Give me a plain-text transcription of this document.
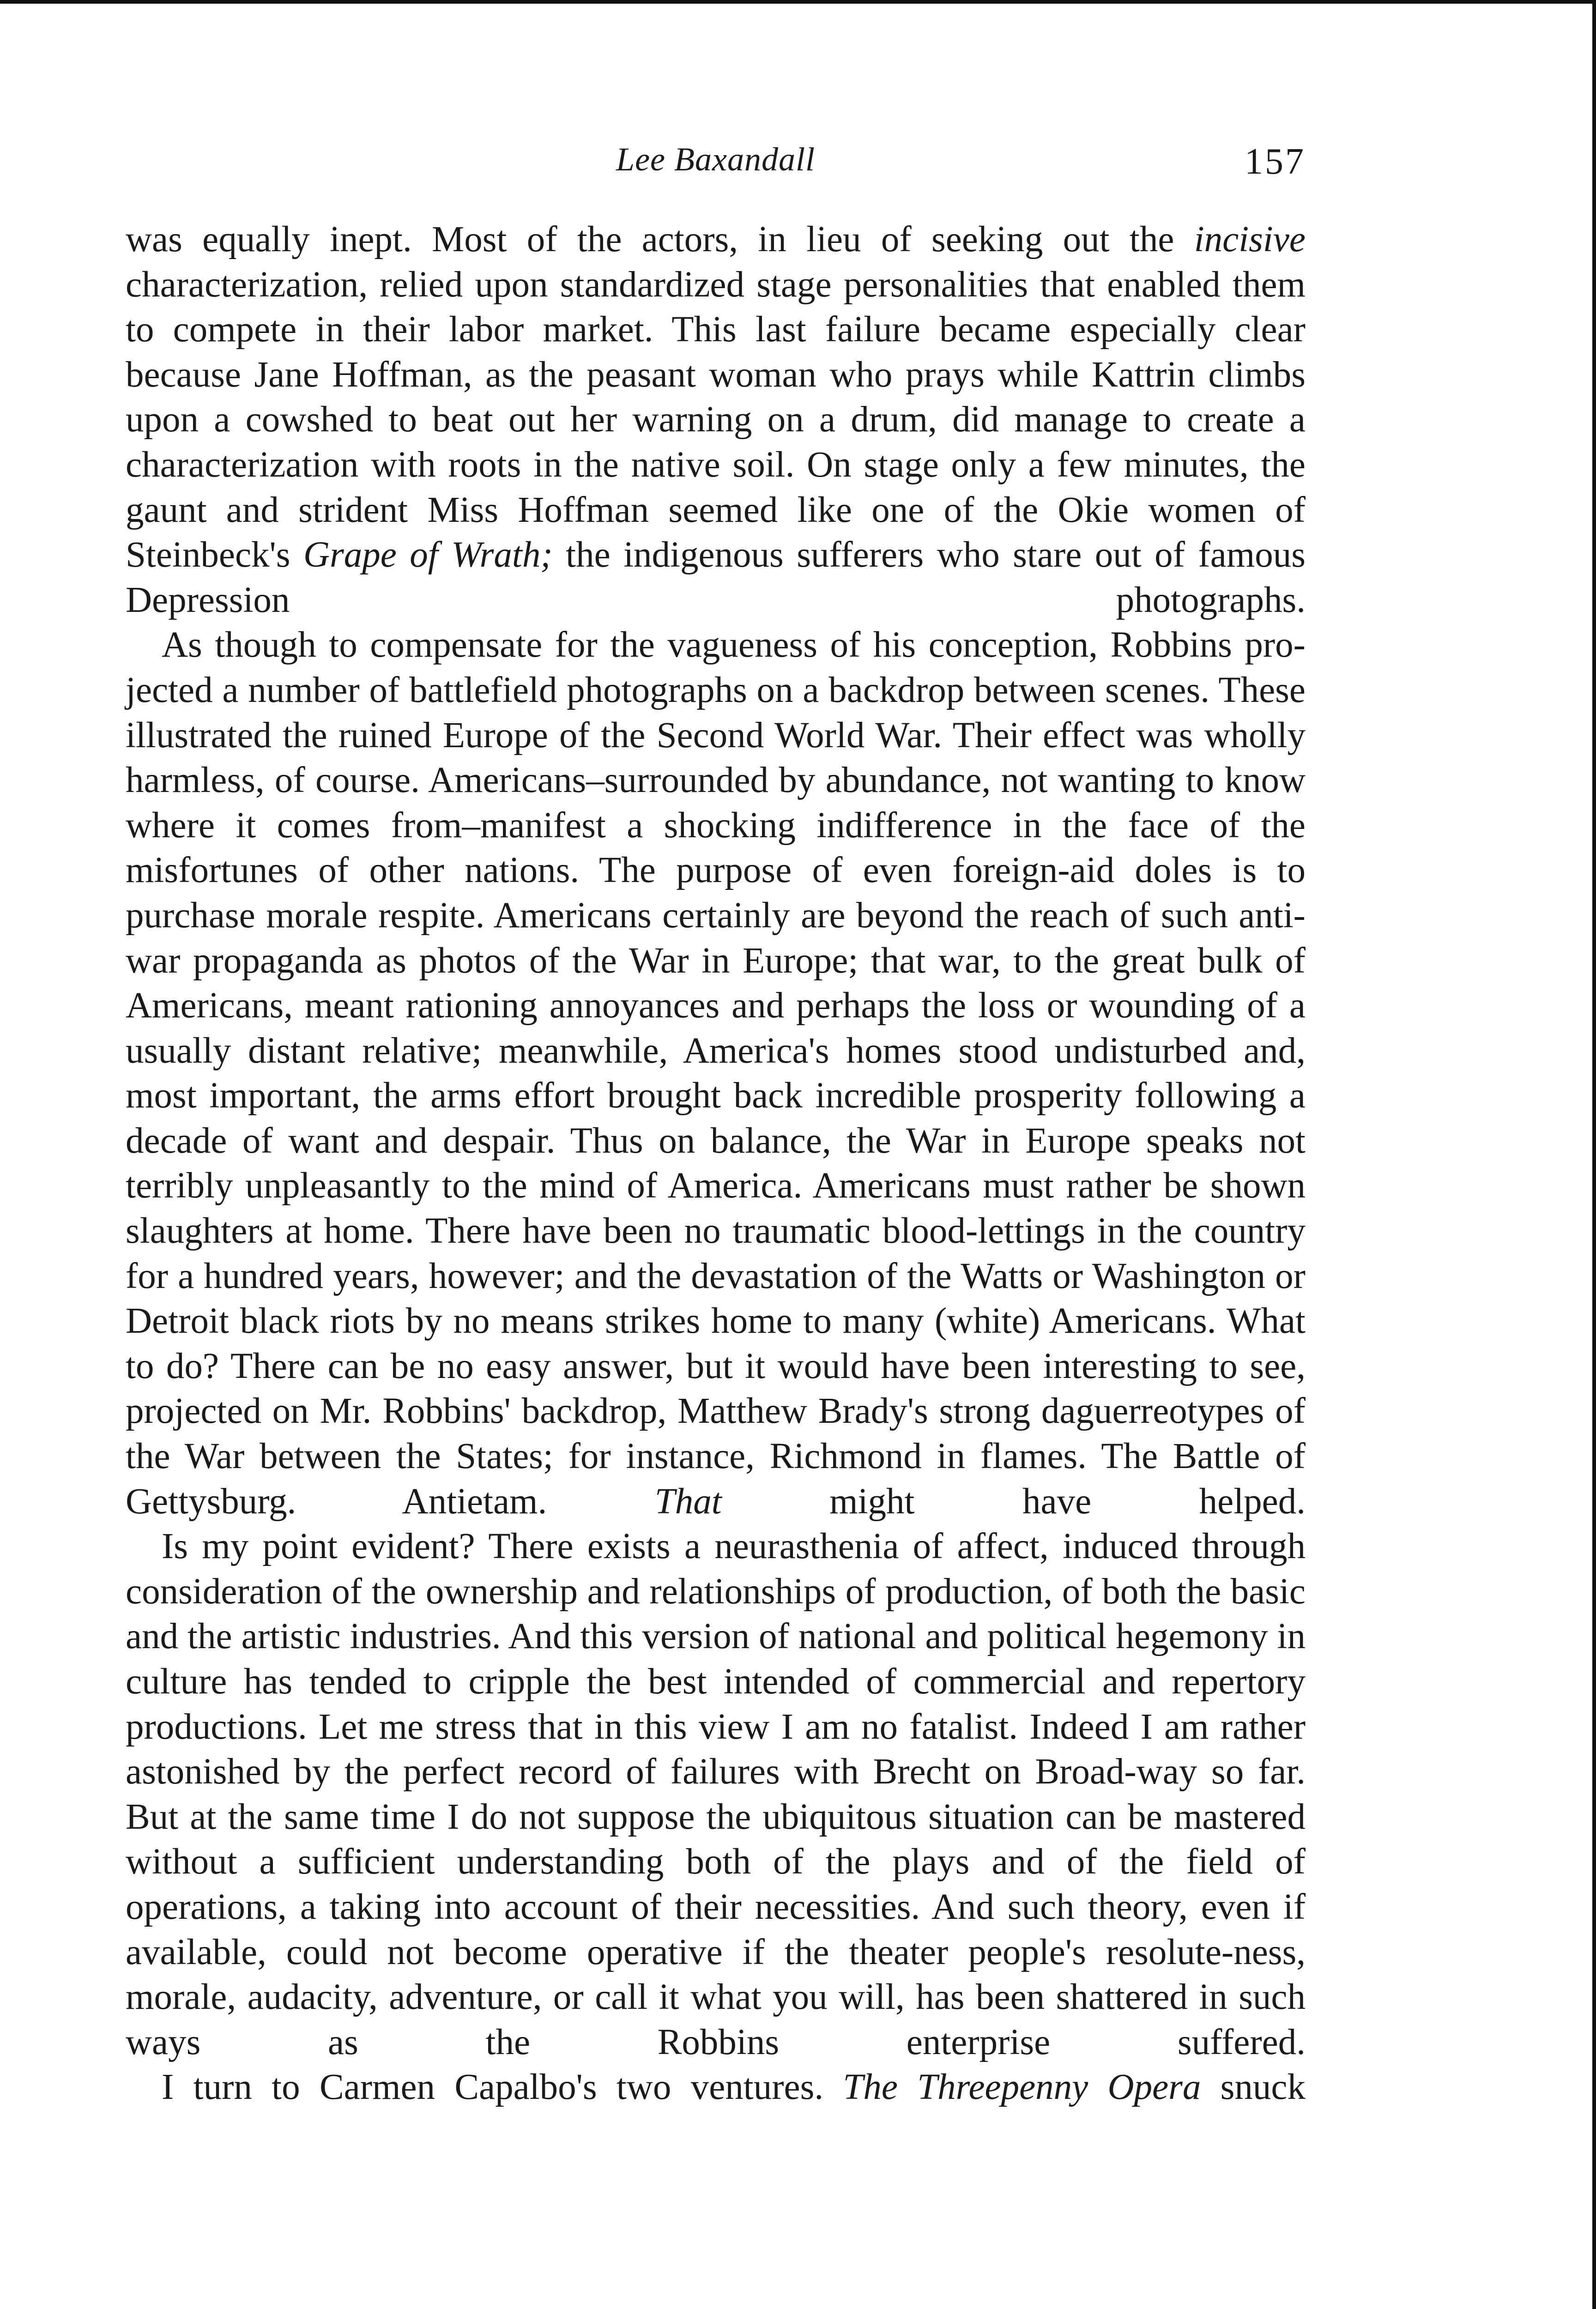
Lee Baxandall	157

was equally inept. Most of the actors, in lieu of seeking out the incisive characterization, relied upon standardized stage personalities that enabled them to compete in their labor market. This last failure became especially clear because Jane Hoffman, as the peasant woman who prays while Kattrin climbs upon a cowshed to beat out her warning on a drum, did manage to create a characterization with roots in the native soil. On stage only a few minutes, the gaunt and strident Miss Hoffman seemed like one of the Okie women of Steinbeck's Grape of Wrath; the indigenous sufferers who stare out of famous Depression photographs.

As though to compensate for the vagueness of his conception, Robbins pro-jected a number of battlefield photographs on a backdrop between scenes. These illustrated the ruined Europe of the Second World War. Their effect was wholly harmless, of course. Americans–surrounded by abundance, not wanting to know where it comes from–manifest a shocking indifference in the face of the misfortunes of other nations. The purpose of even foreign-aid doles is to purchase morale respite. Americans certainly are beyond the reach of such anti-war propaganda as photos of the War in Europe; that war, to the great bulk of Americans, meant rationing annoyances and perhaps the loss or wounding of a usually distant relative; meanwhile, America's homes stood undisturbed and, most important, the arms effort brought back incredible prosperity following a decade of want and despair. Thus on balance, the War in Europe speaks not terribly unpleasantly to the mind of America. Americans must rather be shown slaughters at home. There have been no traumatic blood-lettings in the country for a hundred years, however; and the devastation of the Watts or Washington or Detroit black riots by no means strikes home to many (white) Americans. What to do? There can be no easy answer, but it would have been interesting to see, projected on Mr. Robbins' backdrop, Matthew Brady's strong daguerreotypes of the War between the States; for instance, Richmond in flames. The Battle of Gettysburg. Antietam. That might have helped.

Is my point evident? There exists a neurasthenia of affect, induced through consideration of the ownership and relationships of production, of both the basic and the artistic industries. And this version of national and political hegemony in culture has tended to cripple the best intended of commercial and repertory productions. Let me stress that in this view I am no fatalist. Indeed I am rather astonished by the perfect record of failures with Brecht on Broad-way so far. But at the same time I do not suppose the ubiquitous situation can be mastered without a sufficient understanding both of the plays and of the field of operations, a taking into account of their necessities. And such theory, even if available, could not become operative if the theater people's resolute-ness, morale, audacity, adventure, or call it what you will, has been shattered in such ways as the Robbins enterprise suffered.

I turn to Carmen Capalbo's two ventures. The Threepenny Opera snuck
